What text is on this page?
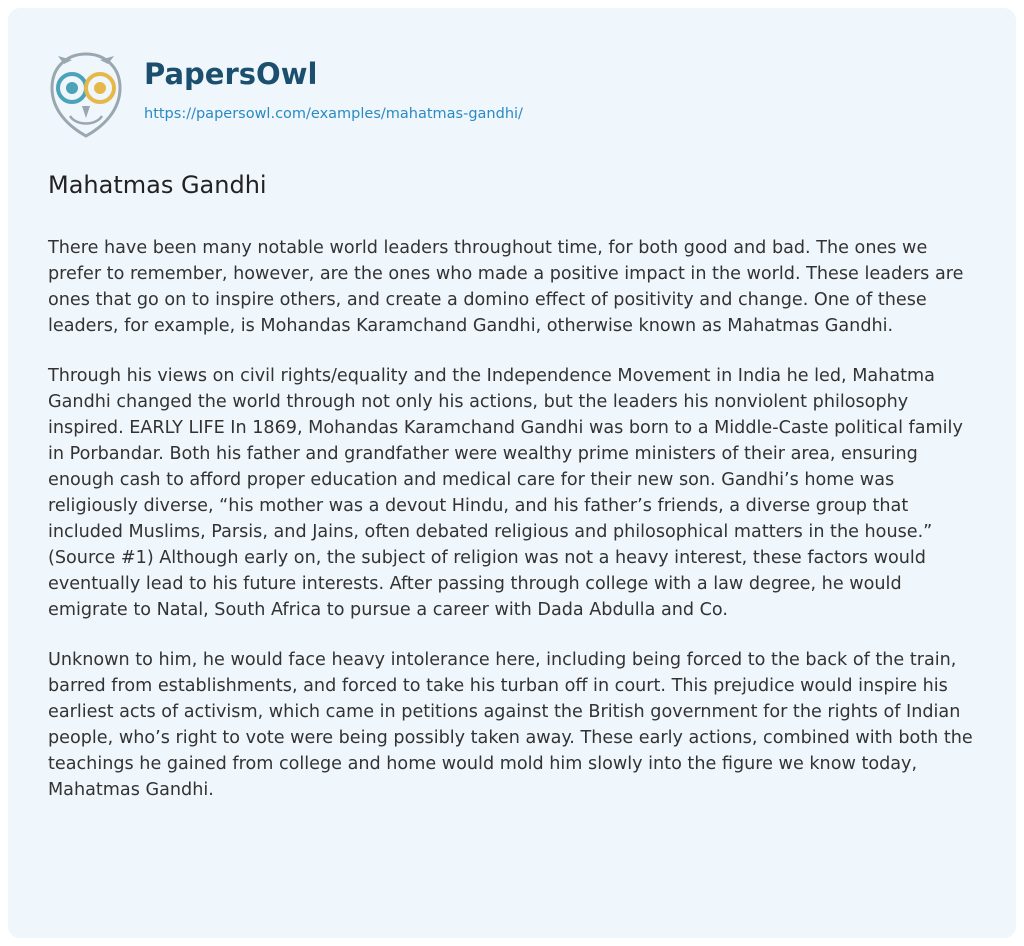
PapersOwl
https://papersowl.com/examples/mahatmas-gandhi/
Mahatmas Gandhi

There have been many notable world leaders throughout time, for both good and bad. The ones we prefer to remember, however, are the ones who made a positive impact in the world. These leaders are ones that go on to inspire others, and create a domino effect of positivity and change. One of these leaders, for example, is Mohandas Karamchand Gandhi, otherwise known as Mahatmas Gandhi.

Through his views on civil rights/equality and the Independence Movement in India he led, Mahatma Gandhi changed the world through not only his actions, but the leaders his nonviolent philosophy inspired. EARLY LIFE In 1869, Mohandas Karamchand Gandhi was born to a Middle-Caste political family in Porbandar. Both his father and grandfather were wealthy prime ministers of their area, ensuring enough cash to afford proper education and medical care for their new son. Gandhi’s home was religiously diverse, “his mother was a devout Hindu, and his father’s friends, a diverse group that included Muslims, Parsis, and Jains, often debated religious and philosophical matters in the house.” (Source #1) Although early on, the subject of religion was not a heavy interest, these factors would eventually lead to his future interests. After passing through college with a law degree, he would emigrate to Natal, South Africa to pursue a career with Dada Abdulla and Co.

Unknown to him, he would face heavy intolerance here, including being forced to the back of the train, barred from establishments, and forced to take his turban off in court. This prejudice would inspire his earliest acts of activism, which came in petitions against the British government for the rights of Indian people, who’s right to vote were being possibly taken away. These early actions, combined with both the teachings he gained from college and home would mold him slowly into the figure we know today, Mahatmas Gandhi.
